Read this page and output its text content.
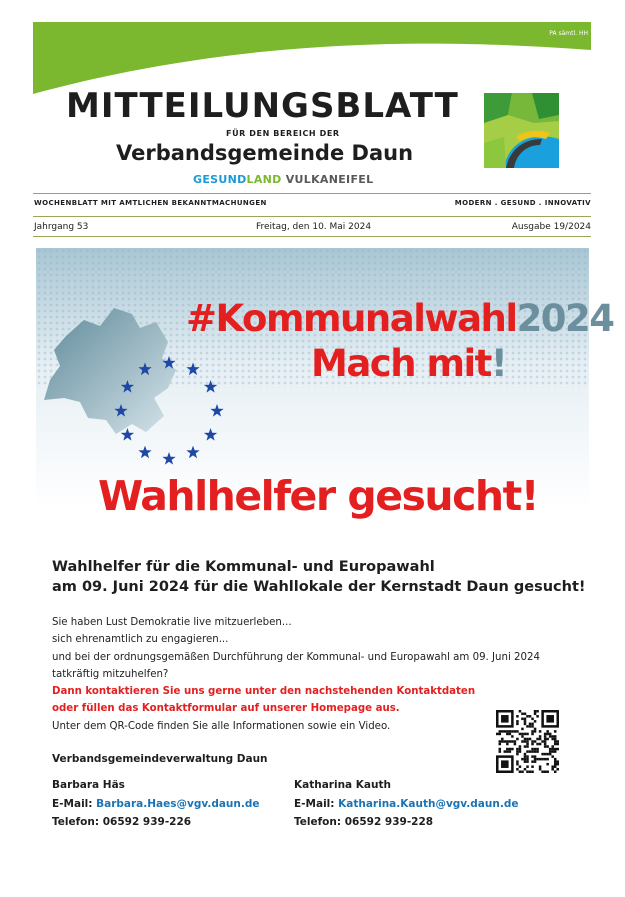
PA sämtl. HH
MITTEILUNGSBLATT
FÜR DEN BEREICH DER
Verbandsgemeinde Daun
GESUNDLAND VULKANEIFEL
WOCHENBLATT MIT AMTLICHEN BEKANNTMACHUNGEN	MODERN . GESUND . INNOVATIV
Jahrgang 53	Freitag, den 10. Mai 2024	Ausgabe 19/2024
#Kommunalwahl2024
Mach mit!
Wahlhelfer gesucht!
Wahlhelfer für die Kommunal- und Europawahl
am 09. Juni 2024 für die Wahllokale der Kernstadt Daun gesucht!
Sie haben Lust Demokratie live mitzuerleben...
sich ehrenamtlich zu engagieren...
und bei der ordnungsgemäßen Durchführung der Kommunal- und Europawahl am 09. Juni 2024
tatkräftig mitzuhelfen?
Dann kontaktieren Sie uns gerne unter den nachstehenden Kontaktdaten
oder füllen das Kontaktformular auf unserer Homepage aus.
Unter dem QR-Code finden Sie alle Informationen sowie ein Video.
Verbandsgemeindeverwaltung Daun
Barbara Häs
E-Mail: Barbara.Haes@vgv.daun.de
Telefon: 06592 939-226
Katharina Kauth
E-Mail: Katharina.Kauth@vgv.daun.de
Telefon: 06592 939-228
